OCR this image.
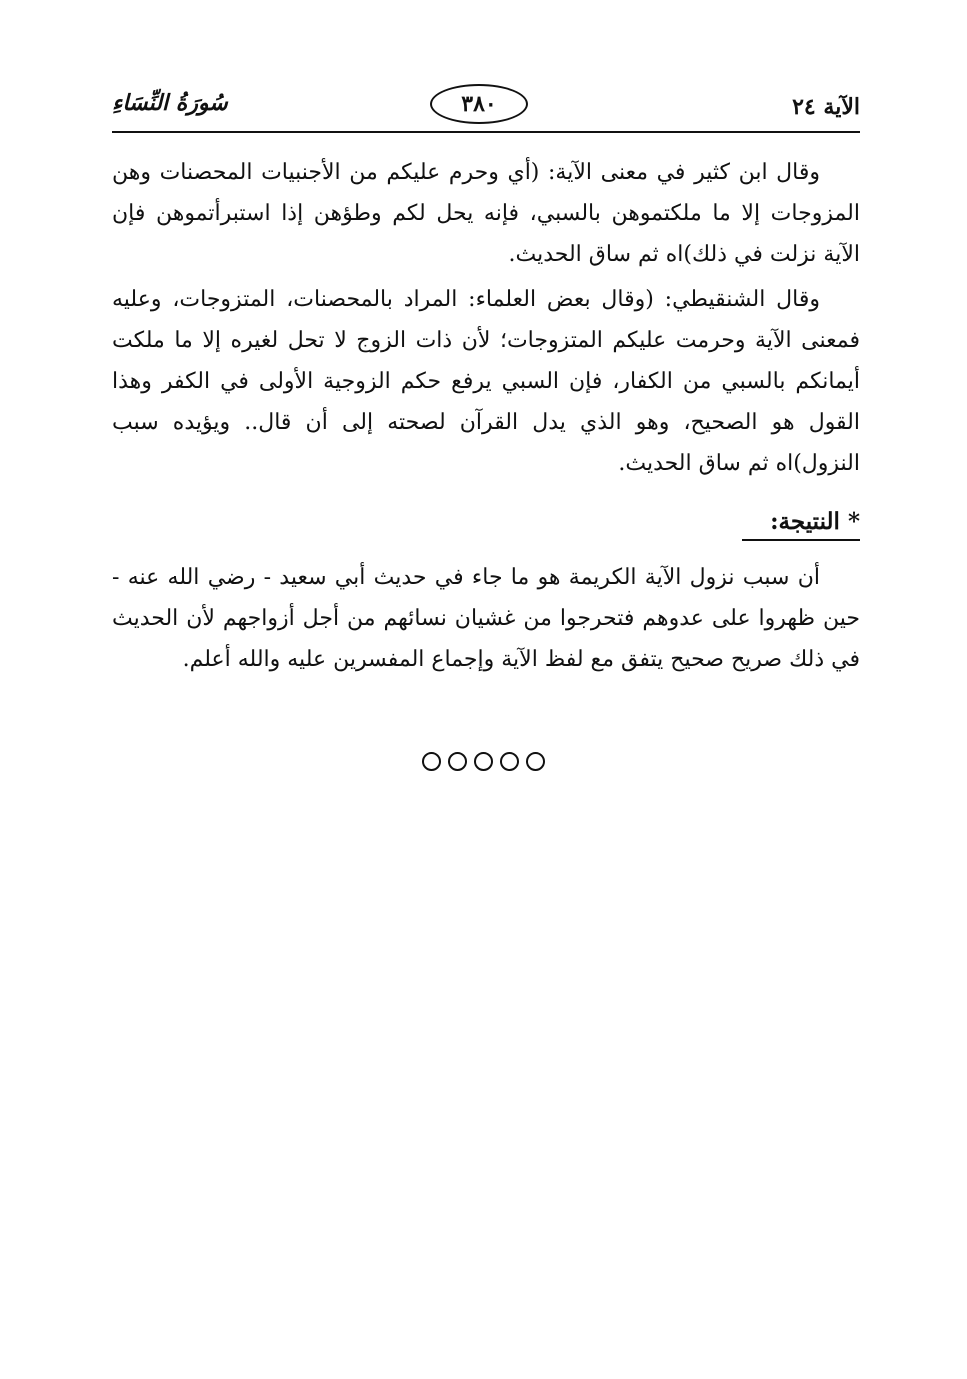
الآية ٢٤
٣٨٠
سُورَةُ النِّسَاءِ

وقال ابن كثير في معنى الآية: (أي وحرم عليكم من الأجنبيات المحصنات وهن المزوجات إلا ما ملكتموهن بالسبي، فإنه يحل لكم وطؤهن إذا استبرأتموهن فإن الآية نزلت في ذلك)اه ثم ساق الحديث.

وقال الشنقيطي: (وقال بعض العلماء: المراد بالمحصنات، المتزوجات، وعليه فمعنى الآية وحرمت عليكم المتزوجات؛ لأن ذات الزوج لا تحل لغيره إلا ما ملكت أيمانكم بالسبي من الكفار، فإن السبي يرفع حكم الزوجية الأولى في الكفر وهذا القول هو الصحيح، وهو الذي يدل القرآن لصحته إلى أن قال.. ويؤيده سبب النزول)اه ثم ساق الحديث.

* النتيجة:

أن سبب نزول الآية الكريمة هو ما جاء في حديث أبي سعيد - رضي الله عنه - حين ظهروا على عدوهم فتحرجوا من غشيان نسائهم من أجل أزواجهم لأن الحديث في ذلك صريح صحيح يتفق مع لفظ الآية وإجماع المفسرين عليه والله أعلم.
